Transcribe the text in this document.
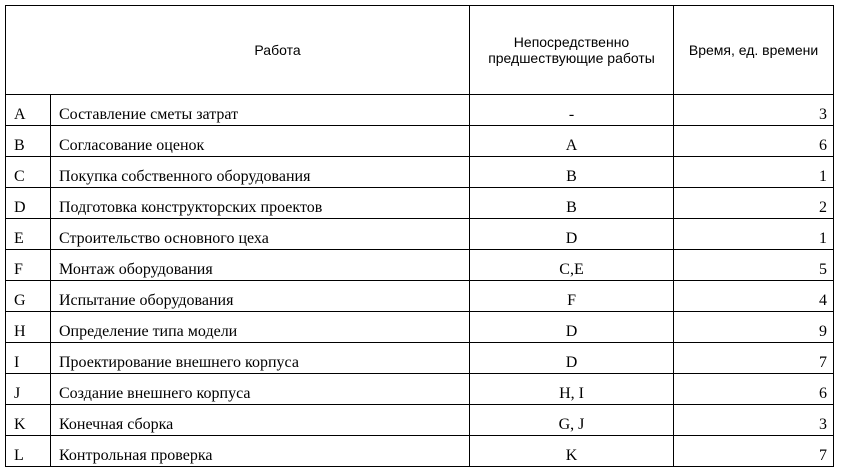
Работа		Непосредственно предшествующие работы	Время, ед. времени
A	Составление сметы затрат	-	3
B	Согласование оценок	A	6
C	Покупка собственного оборудования	B	1
D	Подготовка конструкторских проектов	B	2
E	Строительство основного цеха	D	1
F	Монтаж оборудования	C,E	5
G	Испытание оборудования	F	4
H	Определение типа модели	D	9
I	Проектирование внешнего корпуса	D	7
J	Создание внешнего корпуса	H, I	6
K	Конечная сборка	G, J	3
L	Контрольная проверка	K	7
